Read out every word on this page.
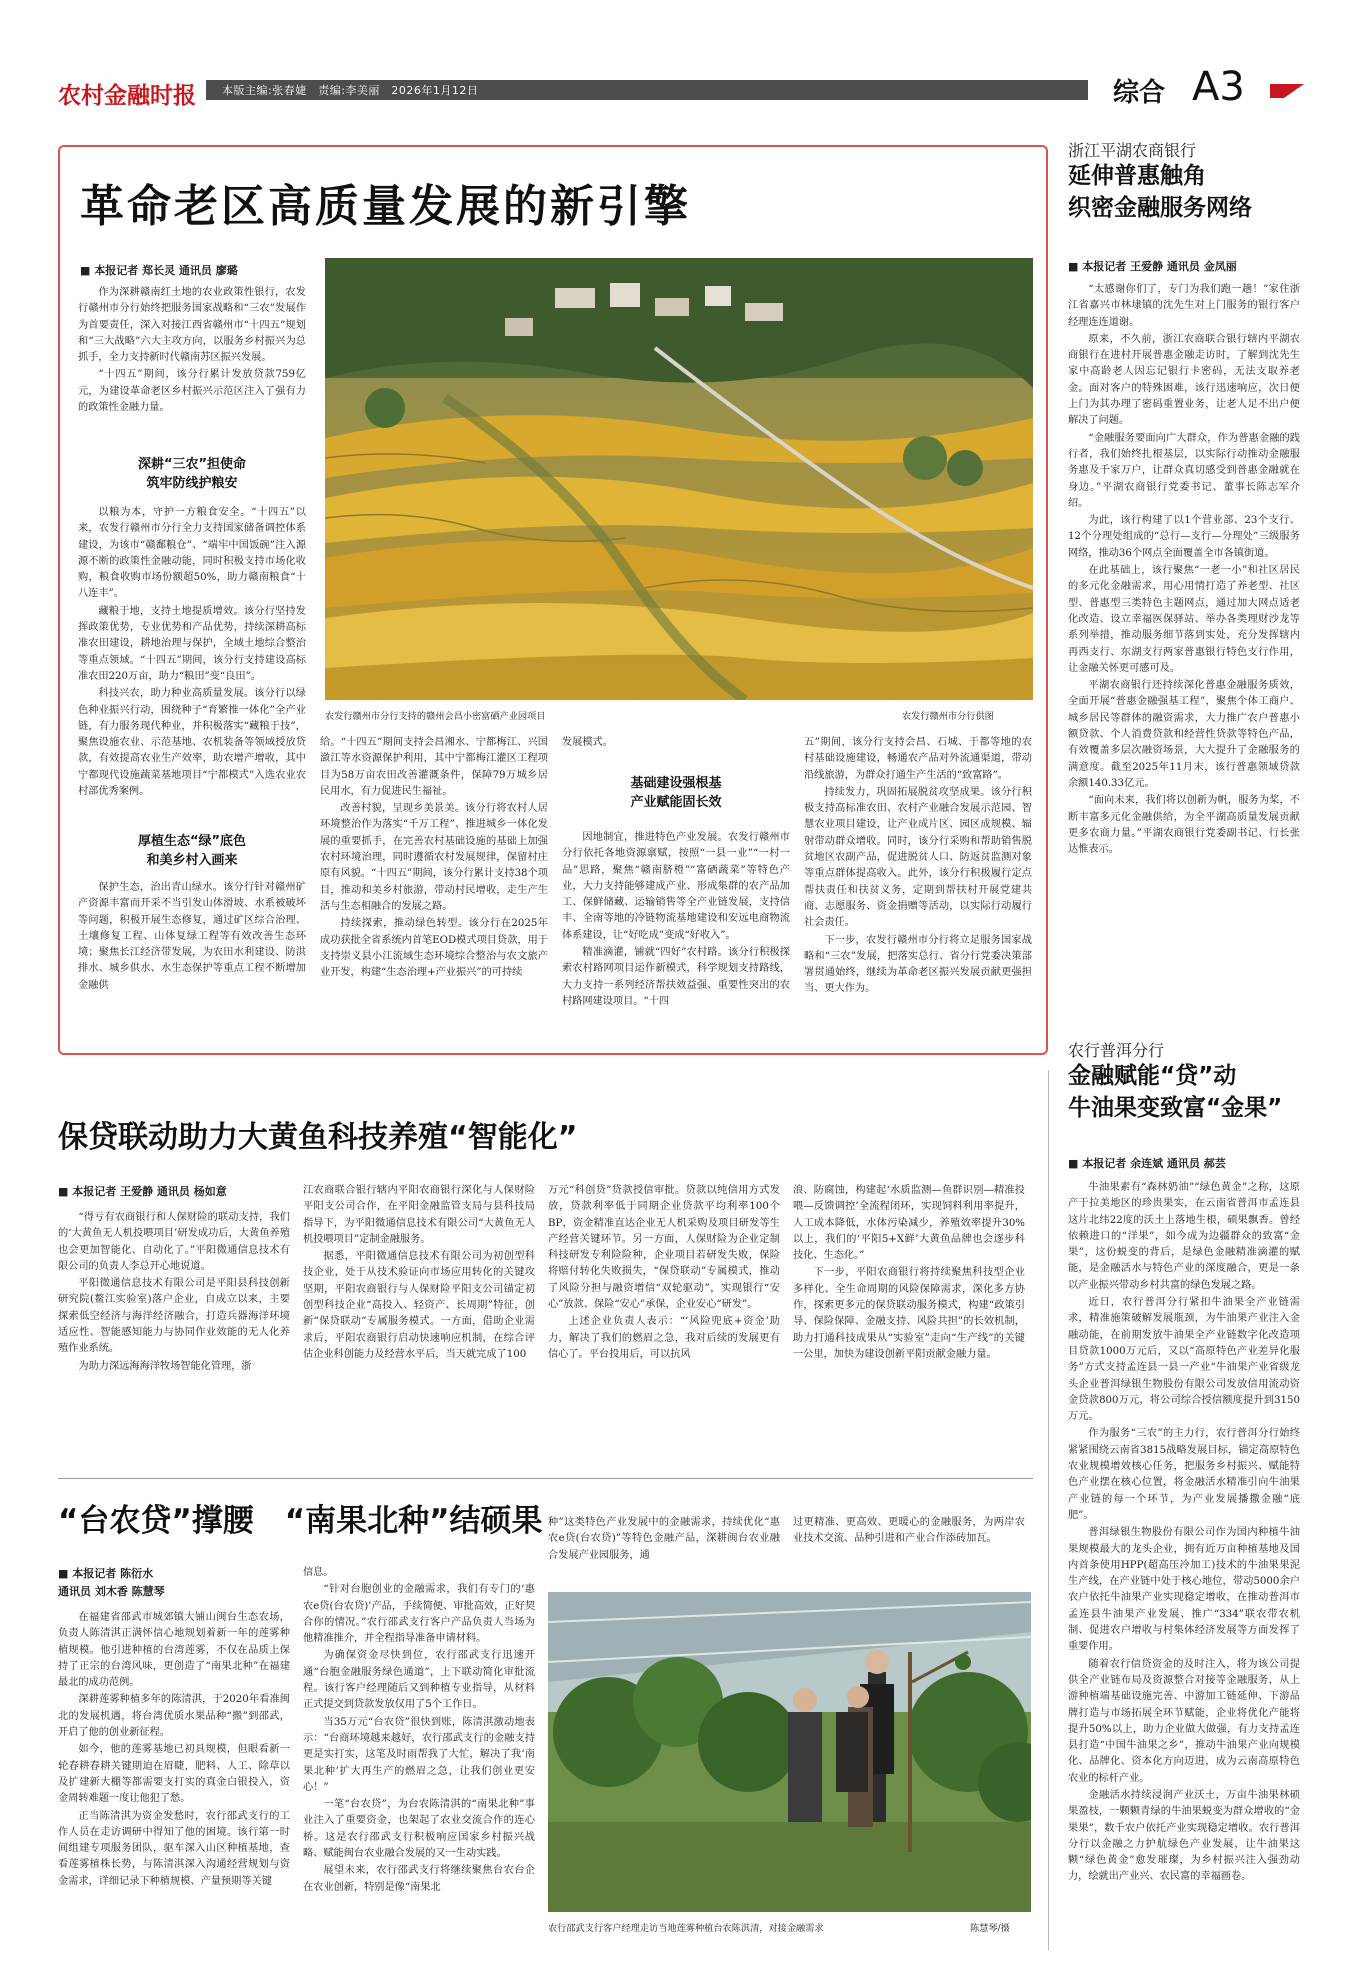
农村金融时报	本版主编:张春婕　责编:李美丽　2026年1月12日	综合 A3
革命老区高质量发展的新引擎
■ 本报记者 郑长灵 通讯员 廖璐

作为深耕赣南红土地的农业政策性银行，农发行赣州市分行始终把服务国家战略和“三农”发展作为首要责任，深入对接江西省赣州市“十四五”规划和“三大战略”六大主攻方向，以服务乡村振兴为总抓手，全力支持新时代赣南苏区振兴发展。

“十四五”期间，该分行累计发放贷款759亿元，为建设革命老区乡村振兴示范区注入了强有力的政策性金融力量。

深耕“三农”担使命
筑牢防线护粮安

以粮为本，守护一方粮食安全。“十四五”以来，农发行赣州市分行全力支持国家储备调控体系建设，为该市“赣鄱粮仓”、“端牢中国饭碗”注入源源不断的政策性金融动能，同时积极支持市场化收购，粮食收购市场份额超50%，助力赣南粮食“十八连丰”。

藏粮于地，支持土地提质增效。该分行坚持发挥政策优势，专业优势和产品优势，持续深耕高标准农田建设，耕地治理与保护，全域土地综合整治等重点领域。“十四五”期间，该分行支持建设高标准农田220万亩，助力“粮田”变“良田”。

科技兴农，助力种业高质量发展。该分行以绿色种业振兴行动，围绕种子“育繁推一体化”全产业链，有力服务现代种业，并积极落实“藏粮于技”，聚焦设施农业、示范基地、农机装备等领域授放贷款，有效提高农业生产效率，助农增产增收，其中宁都现代设施蔬菜基地项目“宁都模式”入选农业农村部优秀案例。

厚植生态“绿”底色
和美乡村入画来

保护生态，治出青山绿水。该分行针对赣州矿产资源丰富而开采不当引发山体滑坡、水系被破坏等问题，积极开展生态修复，通过矿区综合治理、土壤修复工程、山体复绿工程等有效改善生态环境；聚焦长江经济带发展，为农田水利建设、防洪排水、城乡供水、水生态保护等重点工程不断增加金融供

农发行赣州市分行支持的赣州会昌小密富硒产业园项目	农发行赣州市分行供图

给。“十四五”期间支持会昌湘水、宁都梅江、兴国潋江等水资源保护利用，其中宁都梅江灌区工程项目为58万亩农田改善灌溉条件，保障79万城乡居民用水，有力促进民生福祉。

改善村貌，呈现乡美景美。该分行将农村人居环境整治作为落实“千万工程”、推进城乡一体化发展的重要抓手，在完善农村基础设施的基础上加强农村环境治理，同时遵循农村发展规律，保留村庄原有风貌。“十四五”期间，该分行累计支持38个项目，推动和美乡村旅游，带动村民增收，走生产生活与生态相融合的发展之路。

持续探索，推动绿色转型。该分行在2025年成功获批全省系统内首笔EOD模式项目贷款，用于支持崇义县小江流域生态环境综合整治与农文旅产业开发，构建“生态治理+产业振兴”的可持续

发展模式。

基础建设强根基
产业赋能固长效

因地制宜，推进特色产业发展。农发行赣州市分行依托各地资源禀赋，按照“一县一业”“一村一品”思路，聚焦“赣南脐橙”“富硒蔬菜”等特色产业，大力支持能够建成产业、形成集群的农产品加工、保鲜储藏、运输销售等全产业链发展，支持信丰、全南等地的冷链物流基地建设和安远电商物流体系建设，让“好吃成”变成“好收入”。

精准滴灌，铺就“四好”农村路。该分行积极探索农村路网项目运作新模式，科学规划支持路线，大力支持一系列经济帮扶效益强、重要性突出的农村路网建设项目。“十四

五”期间，该分行支持会昌、石城、于都等地的农村基础设施建设，畅通农产品对外流通渠道，带动沿线旅游，为群众打通生产生活的“致富路”。

持续发力，巩固拓展脱贫攻坚成果。该分行积极支持高标准农田、农村产业融合发展示范园、智慧农业项目建设，让产业成片区、园区成规模、辐射带动群众增收。同时，该分行采购和帮助销售脱贫地区农副产品，促进脱贫人口、防返贫监测对象等重点群体提高收入。此外，该分行积极履行定点帮扶责任和扶贫义务，定期到帮扶村开展党建共商、志愿服务、资金捐赠等活动，以实际行动履行社会责任。

下一步，农发行赣州市分行将立足服务国家战略和“三农”发展，把落实总行、省分行党委决策部署贯通始终，继续为革命老区振兴发展贡献更强担当、更大作为。

保贷联动助力大黄鱼科技养殖“智能化”
■ 本报记者 王爱静 通讯员 杨如意

“得亏有农商银行和人保财险的联动支持，我们的‘大黄鱼无人机投喂项目’研发成功后，大黄鱼养殖也会更加智能化、自动化了。”平阳微通信息技术有限公司的负责人李总开心地说道。

平阳微通信息技术有限公司是平阳县科技创新研究院(鳌江实验室)落户企业，自成立以来，主要探索低空经济与海洋经济融合，打造兵器海洋环境适应性、智能感知能力与协同作业效能的无人化养殖作业系统。

为助力深远海海洋牧场智能化管理，浙

江农商联合银行辖内平阳农商银行深化与人保财险平阳支公司合作，在平阳金融监管支局与县科技局指导下，为平阳微通信息技术有限公司“大黄鱼无人机投喂项目”定制金融服务。

据悉，平阳微通信息技术有限公司为初创型科技企业，处于从技术验证向市场应用转化的关键攻坚期，平阳农商银行与人保财险平阳支公司锚定初创型科技企业“高投入、轻资产、长周期”特征，创新“保贷联动”专属服务模式。一方面，借助企业需求后，平阳农商银行启动快速响应机制，在综合评估企业科创能力及经营水平后，当天就完成了100

万元“科创贷”贷款授信审批。贷款以纯信用方式发放，贷款利率低于同期企业贷款平均利率100个BP，资金精准直达企业无人机采购及项目研发等生产经营关键环节。另一方面，人保财险为企业定制科技研发专利险险种，企业项目若研发失败，保险将赔付转化失败损失，“保贷联动”专属模式，推动了风险分担与融资增信“双轮驱动”，实现银行“安心”放款、保险“安心”承保，企业安心“研发”。

上述企业负责人表示：“‘风险兜底+资金’助力，解决了我们的燃眉之急，我对后续的发展更有信心了。平台投用后，可以抗风

浪、防腐蚀，构建起‘水质监测—鱼群识别—精准投喂—反馈调控’全流程闭环，实现饲料利用率提升，人工成本降低，水体污染减少，养殖效率提升30%以上，我们的‘平阳5+X鲜’大黄鱼品牌也会逐步科技化、生态化。”

下一步，平阳农商银行将持续聚焦科技型企业多样化、全生命周期的风险保障需求，深化多方协作，探索更多元的保贷联动服务模式，构建“政策引导、保险保障、金融支持、风险共担”的长效机制，助力打通科技成果从“实验室”走向“生产线”的关键一公里，加快为建设创新平阳贡献金融力量。

“台农贷”撑腰　“南果北种”结硕果
■ 本报记者 陈衍水
通讯员 刘木香 陈慧琴

在福建省邵武市城郊镇大铺山闽台生态农场，负责人陈清淇正满怀信心地规划着新一年的莲雾种植规模。他引进种植的台湾莲雾，不仅在品质上保持了正宗的台湾风味，更创造了“南果北种”在福建最北的成功范例。

深耕莲雾种植多年的陈清淇，于2020年看准闽北的发展机遇，将台湾优质水果品种“搬”到邵武，开启了他的创业新征程。

如今，他的莲雾基地已初具规模，但眼看新一轮春耕春耕关键期迫在眉睫，肥料、人工、除草以及扩建新大棚等都需要支打实的真金白银投入，资金周转难题一度让他犯了愁。

正当陈清淇为资金发愁时，农行邵武支行的工作人员在走访调研中得知了他的困境。该行第一时间组建专项服务团队，驱车深入山区种植基地，查看莲雾植株长势，与陈清淇深入沟通经营规划与资金需求，详细记录下种植规模、产量预期等关键

信息。

“针对台胞创业的金融需求，我们有专门的‘惠农e贷(台农贷)’产品，手续简便、审批高效，正好契合你的情况。”农行邵武支行客户产品负责人当场为他精准推介，并全程指导准备申请材料。

为确保资金尽快到位，农行邵武支行迅速开通“台胞金融服务绿色通道”，上下联动简化审批流程。该行客户经理随后又到种植专业指导，从材料正式提交到贷款发放仅用了5个工作日。

当35万元“台农贷”很快到账，陈清淇激动地表示：“台商环境越来越好，农行邵武支行的金融支持更是实打实，这笔及时雨帮我了大忙，解决了我‘南果北种’扩大再生产的燃眉之急，让我们创业更安心！”

一笔“台农贷”，为台农陈清淇的“南果北种”事业注入了重要资金，也架起了农业交流合作的连心桥。这是农行邵武支行积极响应国家乡村振兴战略、赋能闽台农业融合发展的又一生动实践。

展望未来，农行邵武支行将继续聚焦台农台企在农业创新，特别是像“南果北

种”这类特色产业发展中的金融需求，持续优化“惠农e贷(台农贷)”等特色金融产品，深耕闽台农业融合发展产业园服务，通

过更精准、更高效、更暖心的金融服务，为两岸农业技术交流、品种引进和产业合作添砖加瓦。

农行邵武支行客户经理走访当地莲雾种植台农陈淇清，对接金融需求	陈慧琴/摄
浙江平湖农商银行
延伸普惠触角
织密金融服务网络
■ 本报记者 王爱静 通讯员 金凤丽

“太感谢你们了，专门为我们跑一趟！”家住浙江省嘉兴市林埭镇的沈先生对上门服务的银行客户经理连连道谢。

原来，不久前，浙江农商联合银行辖内平湖农商银行在进村开展普惠金融走访时，了解到沈先生家中高龄老人因忘记银行卡密码，无法支取养老金。面对客户的特殊困难，该行迅速响应，次日便上门为其办理了密码重置业务，让老人足不出户便解决了问题。

“金融服务要面向广大群众，作为普惠金融的践行者，我们始终扎根基层，以实际行动推动金融服务惠及千家万户，让群众真切感受到普惠金融就在身边。”平湖农商银行党委书记、董事长陈志军介绍。

为此，该行构建了以1个营业部、23个支行、12个分理处组成的“总行—支行—分理处”三级服务网络，推动36个网点全面覆盖全市各镇街道。

在此基础上，该行聚焦“一老一小”和社区居民的多元化金融需求，用心用情打造了养老型、社区型、普惠型三类特色主题网点，通过加大网点适老化改造、设立幸福医保驿站、举办各类理财沙龙等系列举措，推动服务细节落到实处，充分发挥辖内再西支行、东湖支行两家普惠银行特色支行作用，让金融关怀更可感可及。

平湖农商银行还持续深化普惠金融服务质效，全面开展“普惠金融强基工程”，聚焦个体工商户、城乡居民等群体的融资需求，大力推广农户普惠小额贷款、个人消费贷款和经营性贷款等特色产品，有效覆盖多层次融资场景，大大提升了金融服务的满意度。截至2025年11月末，该行普惠领域贷款余额140.33亿元。

“面向未来，我们将以创新为帆，服务为桨，不断丰富多元化金融供给，为全平湖高质量发展贡献更多农商力量。”平湖农商银行党委副书记、行长张达惟表示。

农行普洱分行
金融赋能“贷”动
牛油果变致富“金果”
■ 本报记者 余连斌 通讯员 郝芸

牛油果素有“森林奶油”“绿色黄金”之称，这原产于拉美地区的珍贵果实，在云南省普洱市孟连县这片北纬22度的沃土上落地生根，硕果飘香。曾经依赖进口的“洋果”，如今成为边疆群众的致富“金果”，这份蜕变的背后，是绿色金融精准滴灌的赋能，是金融活水与特色产业的深度融合，更是一条以产业振兴带动乡村共富的绿色发展之路。

近日，农行普洱分行紧扣牛油果全产业链需求，精准施策破解发展瓶颈，为牛油果产业注入金融动能，在前期发放牛油果全产业链数字化改造项目贷款1000万元后，又以“高原特色产业差异化服务”方式支持孟连县一县一产业“牛油果产业省级龙头企业普洱绿银生物股份有限公司发放信用流动资金贷款800万元，将公司综合授信额度提升到3150万元。

作为服务“三农”的主力行，农行普洱分行始终紧紧围绕云南省3815战略发展目标，锚定高原特色农业规模增效核心任务，把服务乡村振兴、赋能特色产业摆在核心位置，将金融活水精准引向牛油果产业链的每一个环节，为产业发展播撒金融“底肥”。

普洱绿银生物股份有限公司作为国内种植牛油果规模最大的龙头企业，拥有近万亩种植基地及国内首条使用HPP(超高压冷加工)技术的牛油果果泥生产线，在产业链中处于核心地位，带动5000余户农户依托牛油果产业实现稳定增收，在推动普洱市孟连县牛油果产业发展、推广“334”联农带农机制、促进农户增收与村集体经济发展等方面发挥了重要作用。

随着农行信贷资金的及时注入，将为该公司提供全产业链布局及资源整合对接等金融服务，从上游种植端基础设施完善、中游加工链延伸、下游品牌打造与市场拓展全环节赋能，企业将优化产能将提升50%以上，助力企业做大做强，有力支持孟连县打造“中国牛油果之乡”，推动牛油果产业向规模化、品牌化、资本化方向迈进，成为云南高原特色农业的标杆产业。

金融活水持续浸润产业沃土，万亩牛油果林硕果盈枝，一颗颗青绿的牛油果蜕变为群众增收的“金果果”，数千农户依托产业实现稳定增收。农行普洱分行以金融之力护航绿色产业发展，让牛油果这颗“绿色黄金”愈发璀璨，为乡村振兴注入强劲动力，绘就出产业兴、农民富的幸福画卷。
